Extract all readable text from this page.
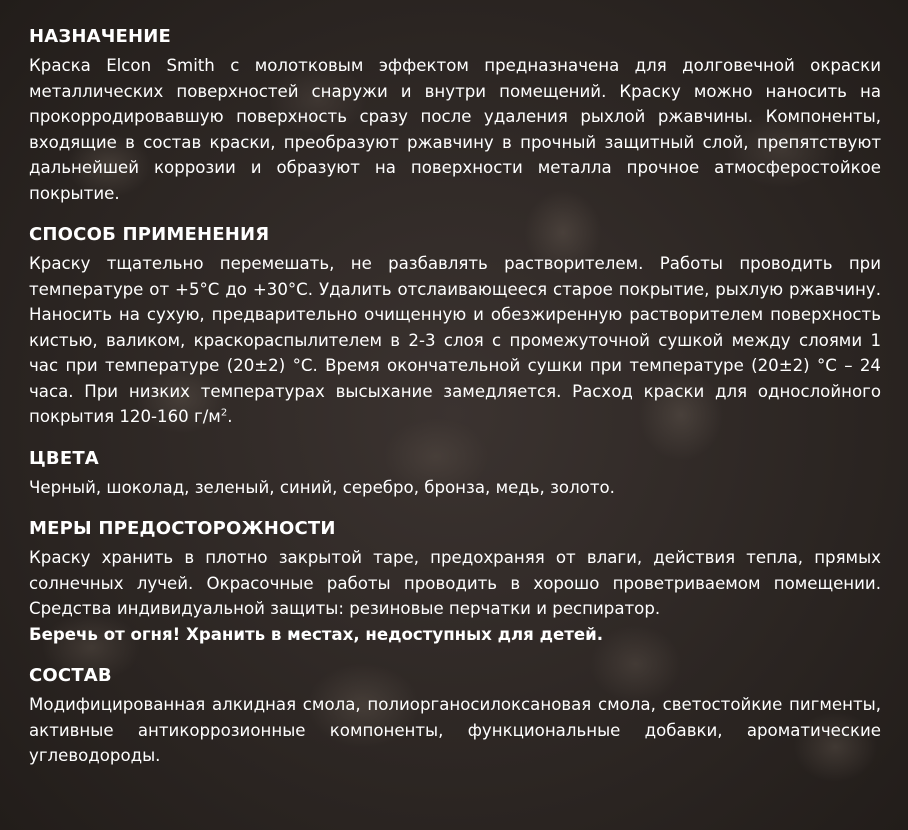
НАЗНАЧЕНИЕ

Краска Elcon Smith с молотковым эффектом предназначена для долговечной окраски металлических поверхностей снаружи и внутри помещений. Краску можно наносить на прокорродировавшую поверхность сразу после удаления рыхлой ржавчины. Компоненты, входящие в состав краски, преобразуют ржавчину в прочный защитный слой, препятствуют дальнейшей коррозии и образуют на поверхности металла прочное атмосферостойкое покрытие.

СПОСОБ ПРИМЕНЕНИЯ

Краску тщательно перемешать, не разбавлять растворителем. Работы проводить при температуре от +5°C до +30°C. Удалить отслаивающееся старое покрытие, рыхлую ржавчину. Наносить на сухую, предварительно очищенную и обезжиренную растворителем поверхность кистью, валиком, краскораспылителем в 2-3 слоя с промежуточной сушкой между слоями 1 час при температуре (20±2) °C. Время окончательной сушки при температуре (20±2) °C – 24 часа. При низких температурах высыхание замедляется. Расход краски для однослойного покрытия 120-160 $г/м^2$.

ЦВЕТА

Черный, шоколад, зеленый, синий, серебро, бронза, медь, золото.

МЕРЫ ПРЕДОСТОРОЖНОСТИ

Краску хранить в плотно закрытой таре, предохраняя от влаги, действия тепла, прямых солнечных лучей. Окрасочные работы проводить в хорошо проветриваемом помещении. Средства индивидуальной защиты: резиновые перчатки и респиратор.

Беречь от огня! Хранить в местах, недоступных для детей.

СОСТАВ

Модифицированная алкидная смола, полиорганосилоксановая смола, светостойкие пигменты, активные антикоррозионные компоненты, функциональные добавки, ароматические углеводороды.
